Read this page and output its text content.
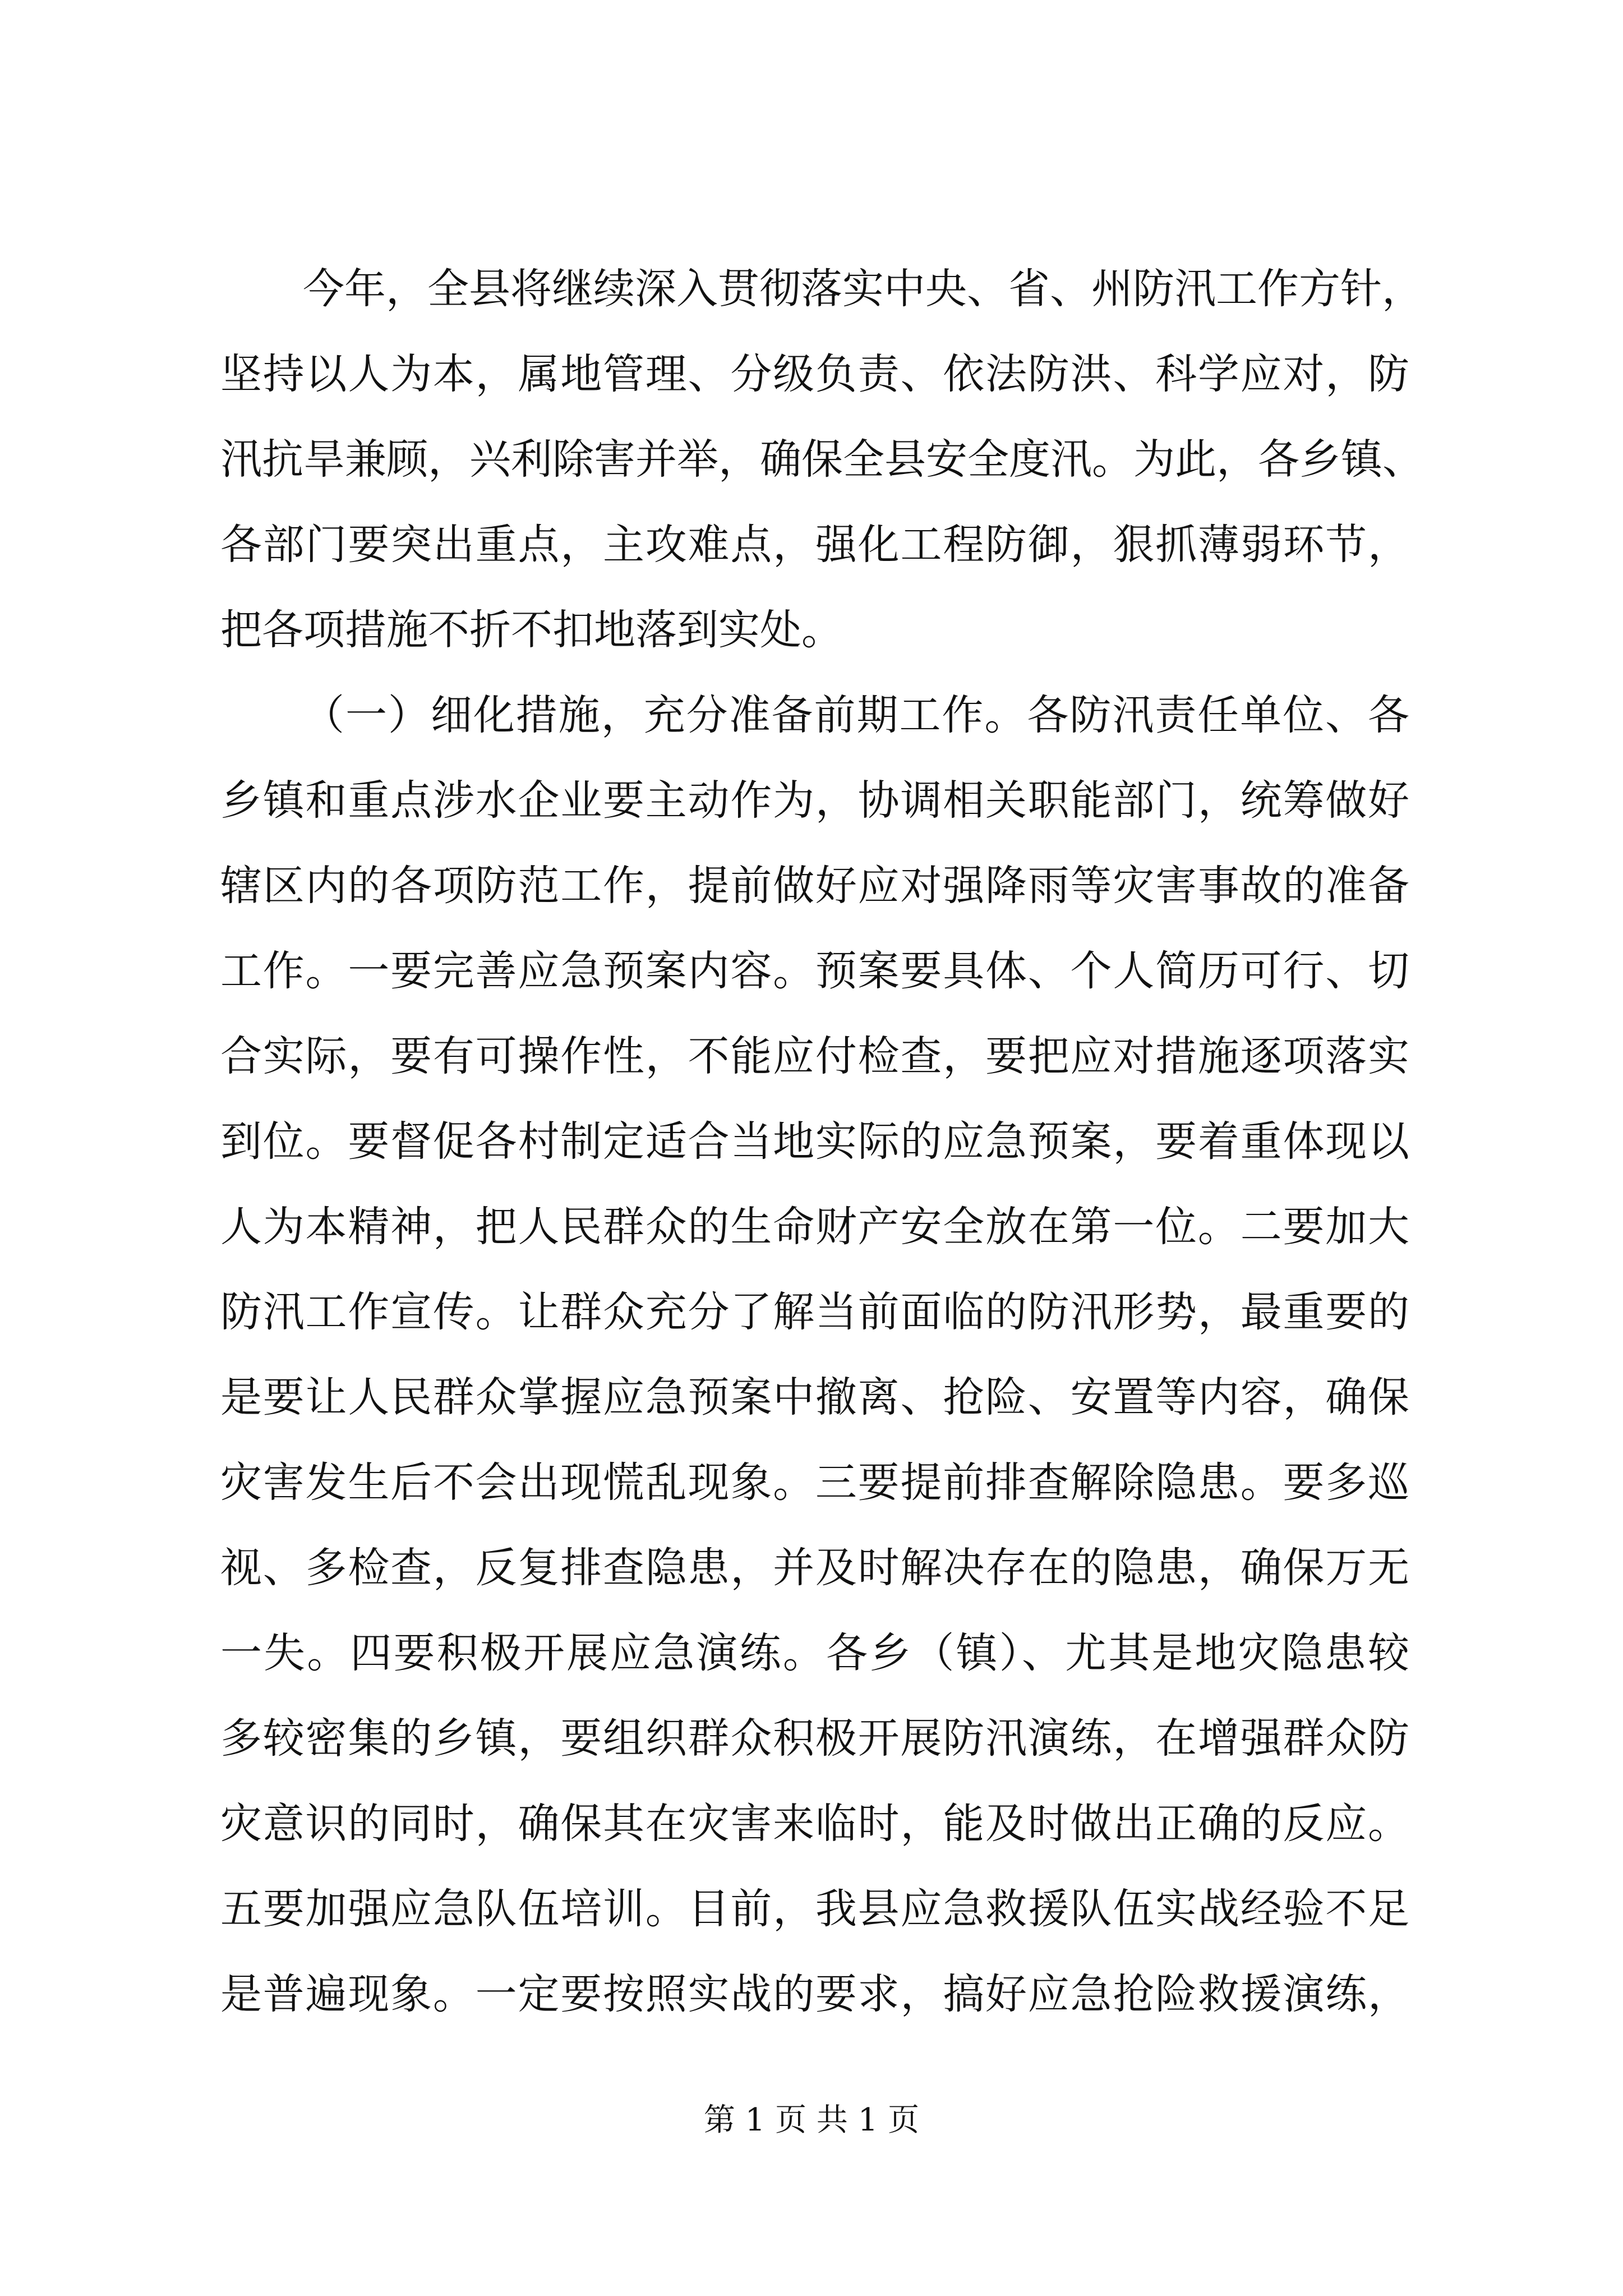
今年，全县将继续深入贯彻落实中央、省、州防汛工作方针，
坚持以人为本，属地管理、分级负责、依法防洪、科学应对，防
汛抗旱兼顾，兴利除害并举，确保全县安全度汛。为此，各乡镇、
各部门要突出重点，主攻难点，强化工程防御，狠抓薄弱环节，
把各项措施不折不扣地落到实处。
（一）细化措施，充分准备前期工作。各防汛责任单位、各
乡镇和重点涉水企业要主动作为，协调相关职能部门，统筹做好
辖区内的各项防范工作，提前做好应对强降雨等灾害事故的准备
工作。一要完善应急预案内容。预案要具体、个人简历可行、切
合实际，要有可操作性，不能应付检查，要把应对措施逐项落实
到位。要督促各村制定适合当地实际的应急预案，要着重体现以
人为本精神，把人民群众的生命财产安全放在第一位。二要加大
防汛工作宣传。让群众充分了解当前面临的防汛形势，最重要的
是要让人民群众掌握应急预案中撤离、抢险、安置等内容，确保
灾害发生后不会出现慌乱现象。三要提前排查解除隐患。要多巡
视、多检查，反复排查隐患，并及时解决存在的隐患，确保万无
一失。四要积极开展应急演练。各乡（镇）、尤其是地灾隐患较
多较密集的乡镇，要组织群众积极开展防汛演练，在增强群众防
灾意识的同时，确保其在灾害来临时，能及时做出正确的反应。
五要加强应急队伍培训。目前，我县应急救援队伍实战经验不足
是普遍现象。一定要按照实战的要求，搞好应急抢险救援演练，
第 1 页 共 1 页
